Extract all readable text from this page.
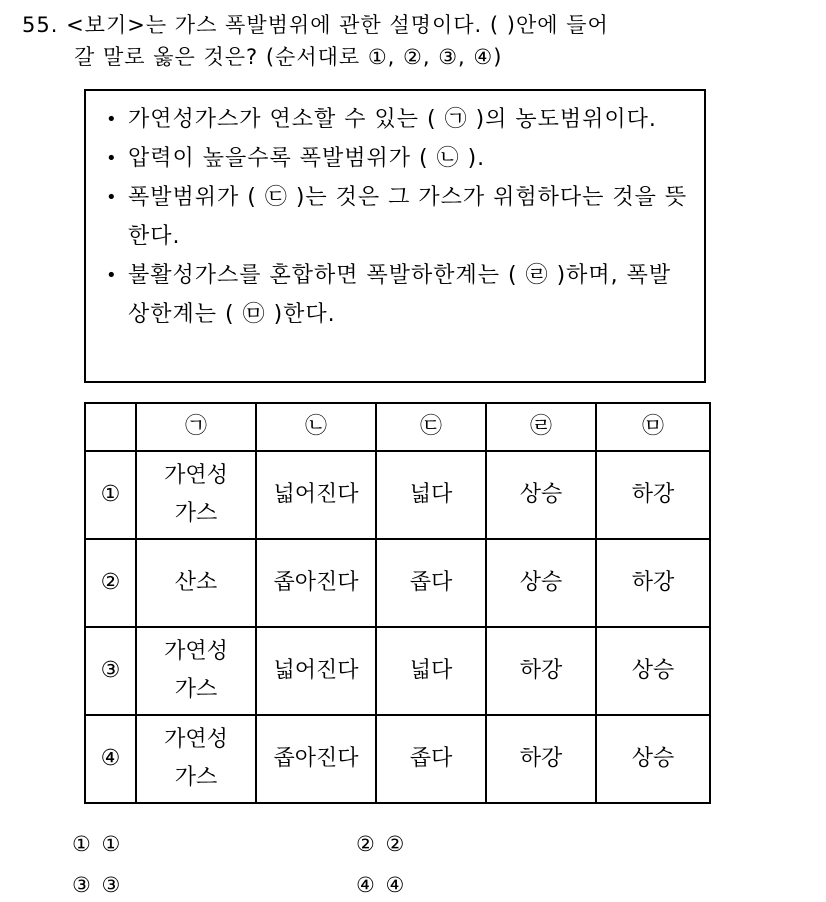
55. <보기>는 가스 폭발범위에 관한 설명이다. ( )안에 들어
갈 말로 옳은 것은? (순서대로 ①, ②, ③, ④)
• 가연성가스가 연소할 수 있는 ( ㉠ )의 농도범위이다.
• 압력이 높을수록 폭발범위가 ( ㉡ ).
• 폭발범위가 ( ㉢ )는 것은 그 가스가 위험하다는 것을 뜻한다.
• 불활성가스를 혼합하면 폭발하한계는 ( ㉣ )하며, 폭발 상한계는 ( ㉤ )한다.
	㉠	㉡	㉢	㉣	㉤
①	가연성
가스	넓어진다	넓다	상승	하강
②	산소	좁아진다	좁다	상승	하강
③	가연성
가스	넓어진다	넓다	하강	상승
④	가연성
가스	좁아진다	좁다	하강	상승
① ①	② ②
③ ③	④ ④
